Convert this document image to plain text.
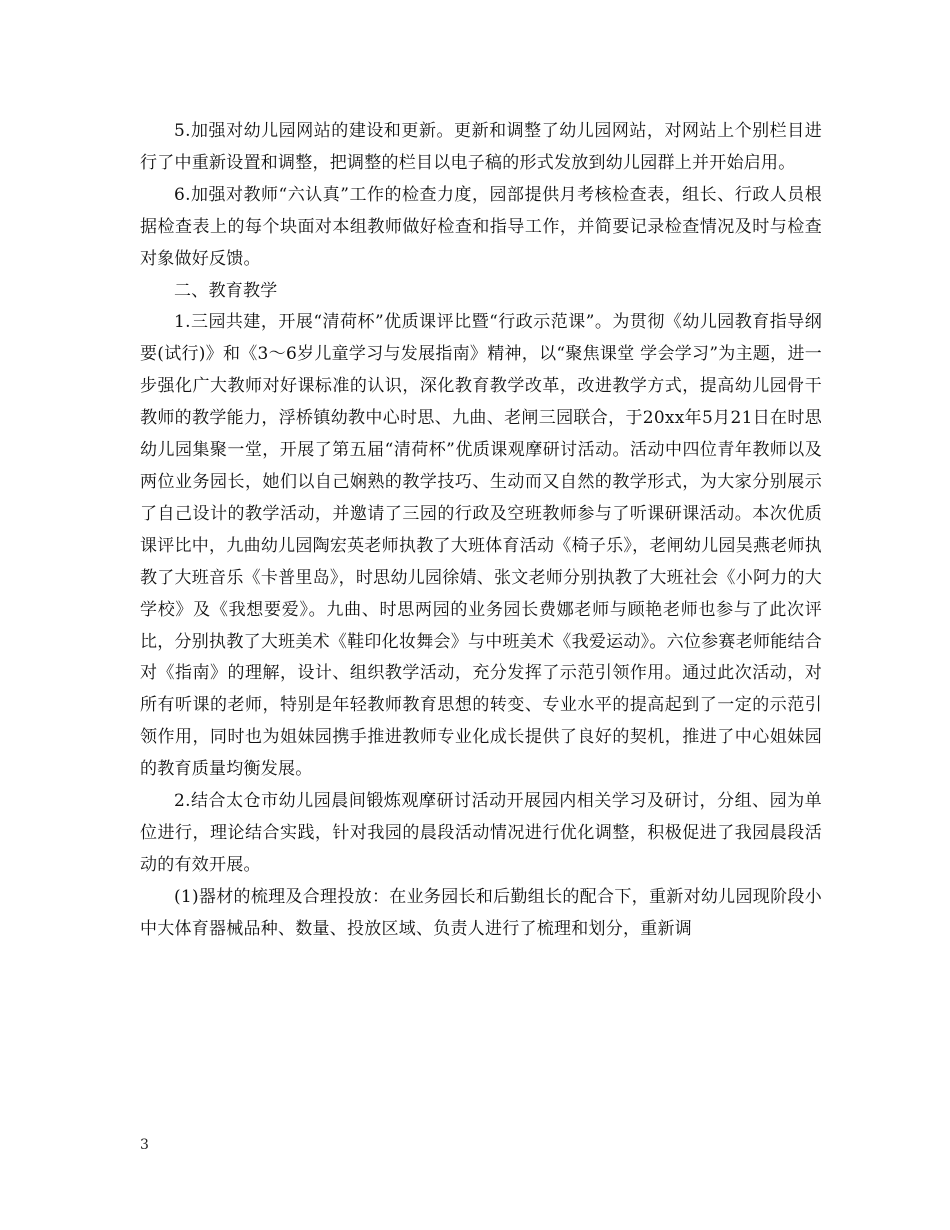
5.加强对幼儿园网站的建设和更新。更新和调整了幼儿园网站，对网站上个别栏目进行了中重新设置和调整，把调整的栏目以电子稿的形式发放到幼儿园群上并开始启用。

6.加强对教师“六认真”工作的检查力度，园部提供月考核检查表，组长、行政人员根据检查表上的每个块面对本组教师做好检查和指导工作，并简要记录检查情况及时与检查对象做好反馈。

二、教育教学

1.三园共建，开展“清荷杯”优质课评比暨“行政示范课”。为贯彻《幼儿园教育指导纲要(试行)》和《3～6岁儿童学习与发展指南》精神，以“聚焦课堂 学会学习”为主题，进一步强化广大教师对好课标准的认识，深化教育教学改革，改进教学方式，提高幼儿园骨干教师的教学能力，浮桥镇幼教中心时思、九曲、老闸三园联合，于20xx年5月21日在时思幼儿园集聚一堂，开展了第五届“清荷杯”优质课观摩研讨活动。活动中四位青年教师以及两位业务园长，她们以自己娴熟的教学技巧、生动而又自然的教学形式，为大家分别展示了自己设计的教学活动，并邀请了三园的行政及空班教师参与了听课研课活动。本次优质课评比中，九曲幼儿园陶宏英老师执教了大班体育活动《椅子乐》，老闸幼儿园吴燕老师执教了大班音乐《卡普里岛》，时思幼儿园徐婧、张文老师分别执教了大班社会《小阿力的大学校》及《我想要爱》。九曲、时思两园的业务园长费娜老师与顾艳老师也参与了此次评比，分别执教了大班美术《鞋印化妆舞会》与中班美术《我爱运动》。六位参赛老师能结合对《指南》的理解，设计、组织教学活动，充分发挥了示范引领作用。通过此次活动，对所有听课的老师，特别是年轻教师教育思想的转变、专业水平的提高起到了一定的示范引领作用，同时也为姐妹园携手推进教师专业化成长提供了良好的契机，推进了中心姐妹园的教育质量均衡发展。

2.结合太仓市幼儿园晨间锻炼观摩研讨活动开展园内相关学习及研讨，分组、园为单位进行，理论结合实践，针对我园的晨段活动情况进行优化调整，积极促进了我园晨段活动的有效开展。

(1)器材的梳理及合理投放：在业务园长和后勤组长的配合下，重新对幼儿园现阶段小中大体育器械品种、数量、投放区域、负责人进行了梳理和划分，重新调

3
